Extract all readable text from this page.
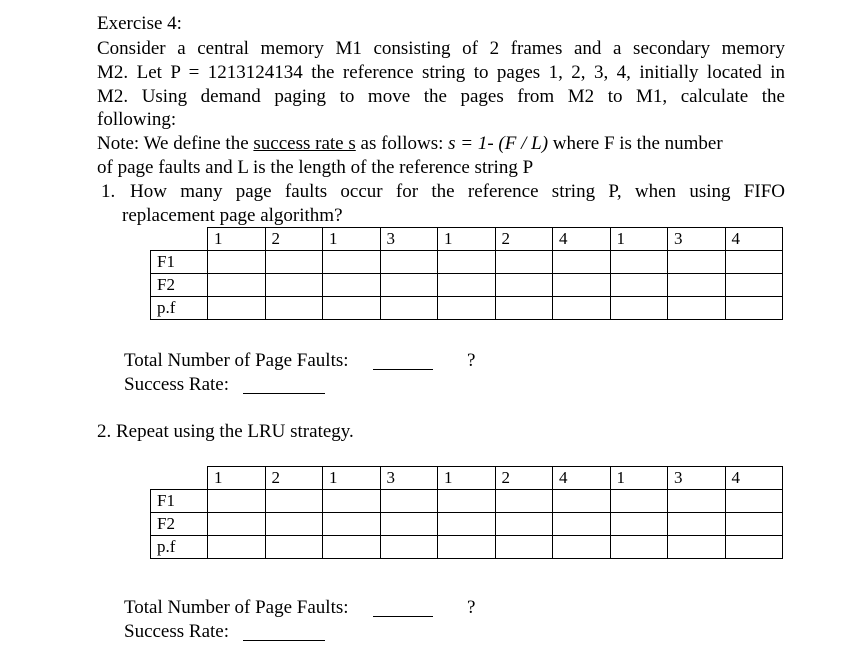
Exercise 4:
Consider a central memory M1 consisting of 2 frames and a secondary memory
M2. Let P = 1213124134 the reference string to pages 1, 2, 3, 4, initially located in
M2. Using demand paging to move the pages from M2 to M1, calculate the
following:
Note: We define the success rate s as follows: s = 1- (F / L) where F is the number
of page faults and L is the length of the reference string P
1. How many page faults occur for the reference string P, when using FIFO
replacement page algorithm?
	1	2	1	3	1	2	4	1	3	4
F1										
F2										
p.f										
Total Number of Page Faults:	?
Success Rate:
2. Repeat using the LRU strategy.
	1	2	1	3	1	2	4	1	3	4
F1										
F2										
p.f										
Total Number of Page Faults:	?
Success Rate:
